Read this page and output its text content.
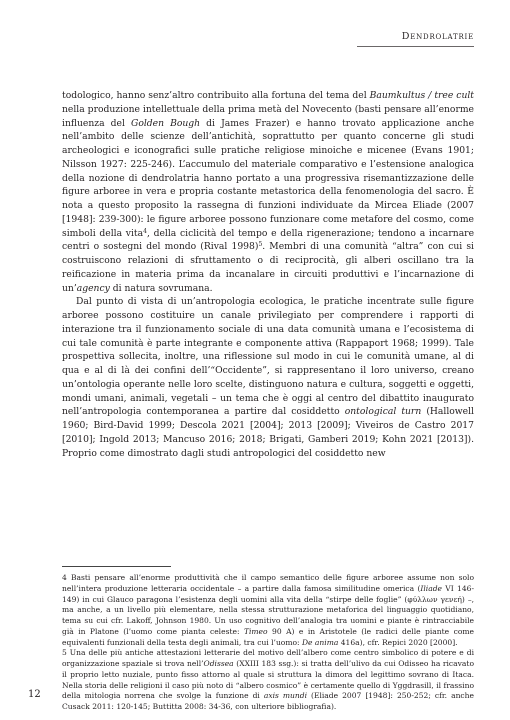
Dendrolatrie

todologico, hanno senz’altro contribuito alla fortuna del tema del Baumkultus / tree cult nella produzione intellettuale della prima metà del Novecento (basti pensare all’enorme influenza del Golden Bough di James Frazer) e hanno trovato applicazione anche nell’ambito delle scienze dell’antichità, soprattutto per quanto concerne gli studi archeologici e iconografici sulle pratiche religiose minoiche e micenee (Evans 1901; Nilsson 1927: 225-246). L’accumulo del materiale comparativo e l’estensione analogica della nozione di dendrolatria hanno portato a una progressiva risemantizzazione delle figure arboree in vera e propria costante metastorica della fenomenologia del sacro. È nota a questo proposito la rassegna di funzioni individuate da Mircea Eliade (2007 [1948]: 239-300): le figure arboree possono funzionare come metafore del cosmo, come simboli della vita$^4$, della ciclicità del tempo e della rigenerazione; tendono a incarnare centri o sostegni del mondo (Rival 1998)$^5$. Membri di una comunità “altra” con cui si costruiscono relazioni di sfruttamento o di reciprocità, gli alberi oscillano tra la reificazione in materia prima da incanalare in circuiti produttivi e l’incarnazione di un’agency di natura sovrumana.

Dal punto di vista di un’antropologia ecologica, le pratiche incentrate sulle figure arboree possono costituire un canale privilegiato per comprendere i rapporti di interazione tra il funzionamento sociale di una data comunità umana e l’ecosistema di cui tale comunità è parte integrante e componente attiva (Rappaport 1968; 1999). Tale prospettiva sollecita, inoltre, una riflessione sul modo in cui le comunità umane, al di qua e al di là dei confini dell’“Occidente”, si rappresentano il loro universo, creano un’ontologia operante nelle loro scelte, distinguono natura e cultura, soggetti e oggetti, mondi umani, animali, vegetali – un tema che è oggi al centro del dibattito inaugurato nell’antropologia contemporanea a partire dal cosiddetto ontological turn (Hallowell 1960; Bird-David 1999; Descola 2021 [2004]; 2013 [2009]; Viveiros de Castro 2017 [2010]; Ingold 2013; Mancuso 2016; 2018; Brigati, Gamberi 2019; Kohn 2021 [2013]). Proprio come dimostrato dagli studi antropologici del cosiddetto new

4 Basti pensare all’enorme produttività che il campo semantico delle figure arboree assume non solo nell’intera produzione letteraria occidentale – a partire dalla famosa similitudine omerica (Iliade VI 146-149) in cui Glauco paragona l’esistenza degli uomini alla vita della “stirpe delle foglie” (φύλλων γενεή) –, ma anche, a un livello più elementare, nella stessa strutturazione metaforica del linguaggio quotidiano, tema su cui cfr. Lakoff, Johnson 1980. Un uso cognitivo dell’analogia tra uomini e piante è rintracciabile già in Platone (l’uomo come pianta celeste: Timeo 90 A) e in Aristotele (le radici delle piante come equivalenti funzionali della testa degli animali, tra cui l’uomo: De anima 416a), cfr. Repici 2020 [2000].

5 Una delle più antiche attestazioni letterarie del motivo dell’albero come centro simbolico di potere e di organizzazione spaziale si trova nell’Odissea (XXIII 183 ssg.): si tratta dell’ulivo da cui Odisseo ha ricavato il proprio letto nuziale, punto fisso attorno al quale si struttura la dimora del legittimo sovrano di Itaca. Nella storia delle religioni il caso più noto di “albero cosmico” è certamente quello di Yggdrasill, il frassino della mitologia norrena che svolge la funzione di axis mundi (Eliade 2007 [1948]: 250-252; cfr. anche Cusack 2011: 120-145; Buttitta 2008: 34-36, con ulteriore bibliografia).

12
